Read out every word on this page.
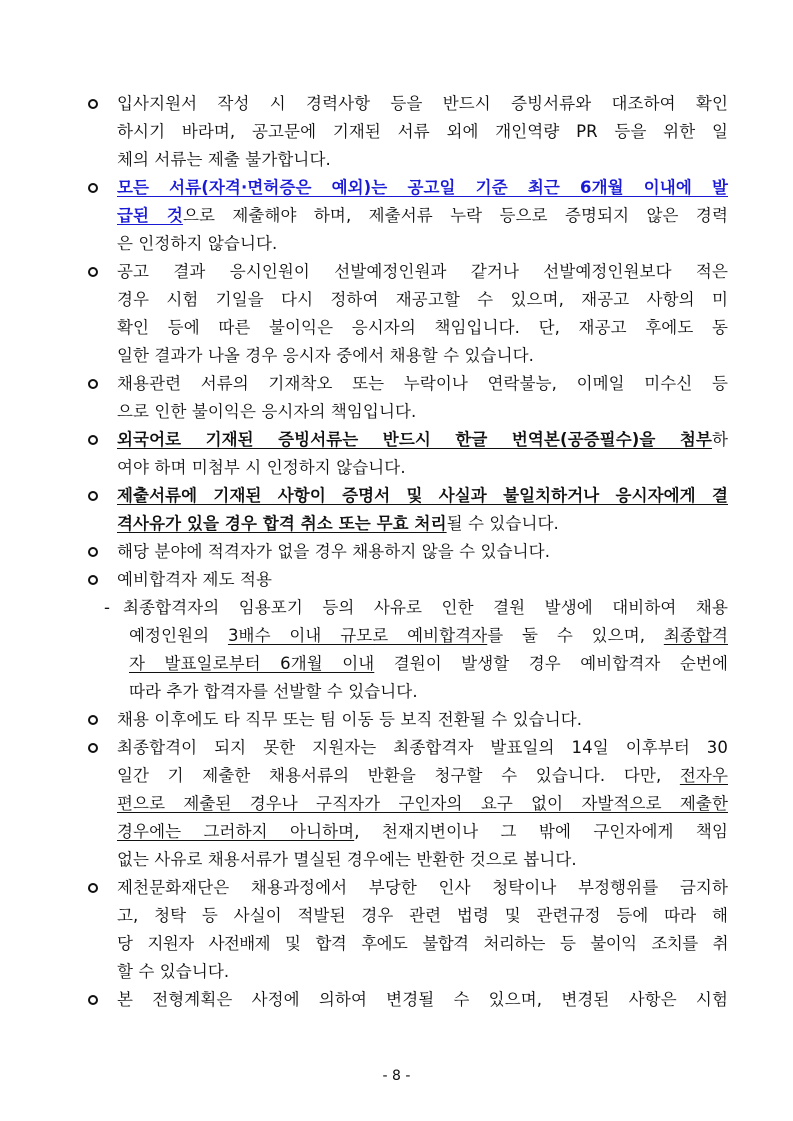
입사지원서 작성 시 경력사항 등을 반드시 증빙서류와 대조하여 확인
하시기 바라며, 공고문에 기재된 서류 외에 개인역량 PR 등을 위한 일
체의 서류는 제출 불가합니다.
모든 서류(자격·면허증은 예외)는 공고일 기준 최근 6개월 이내에 발
급된 것으로 제출해야 하며, 제출서류 누락 등으로 증명되지 않은 경력
은 인정하지 않습니다.
공고 결과 응시인원이 선발예정인원과 같거나 선발예정인원보다 적은
경우 시험 기일을 다시 정하여 재공고할 수 있으며, 재공고 사항의 미
확인 등에 따른 불이익은 응시자의 책임입니다. 단, 재공고 후에도 동
일한 결과가 나올 경우 응시자 중에서 채용할 수 있습니다.
채용관련 서류의 기재착오 또는 누락이나 연락불능, 이메일 미수신 등
으로 인한 불이익은 응시자의 책임입니다.
외국어로 기재된 증빙서류는 반드시 한글 번역본(공증필수)을 첨부하
여야 하며 미첨부 시 인정하지 않습니다.
제출서류에 기재된 사항이 증명서 및 사실과 불일치하거나 응시자에게 결
격사유가 있을 경우 합격 취소 또는 무효 처리될 수 있습니다.
해당 분야에 적격자가 없을 경우 채용하지 않을 수 있습니다.
예비합격자 제도 적용
- 최종합격자의 임용포기 등의 사유로 인한 결원 발생에 대비하여 채용
예정인원의 3배수 이내 규모로 예비합격자를 둘 수 있으며, 최종합격
자 발표일로부터 6개월 이내 결원이 발생할 경우 예비합격자 순번에
따라 추가 합격자를 선발할 수 있습니다.
채용 이후에도 타 직무 또는 팀 이동 등 보직 전환될 수 있습니다.
최종합격이 되지 못한 지원자는 최종합격자 발표일의 14일 이후부터 30
일간 기 제출한 채용서류의 반환을 청구할 수 있습니다. 다만, 전자우
편으로 제출된 경우나 구직자가 구인자의 요구 없이 자발적으로 제출한
경우에는 그러하지 아니하며, 천재지변이나 그 밖에 구인자에게 책임
없는 사유로 채용서류가 멸실된 경우에는 반환한 것으로 봅니다.
제천문화재단은 채용과정에서 부당한 인사 청탁이나 부정행위를 금지하
고, 청탁 등 사실이 적발된 경우 관련 법령 및 관련규정 등에 따라 해
당 지원자 사전배제 및 합격 후에도 불합격 처리하는 등 불이익 조치를 취
할 수 있습니다.
본 전형계획은 사정에 의하여 변경될 수 있으며, 변경된 사항은 시험
- 8 -
